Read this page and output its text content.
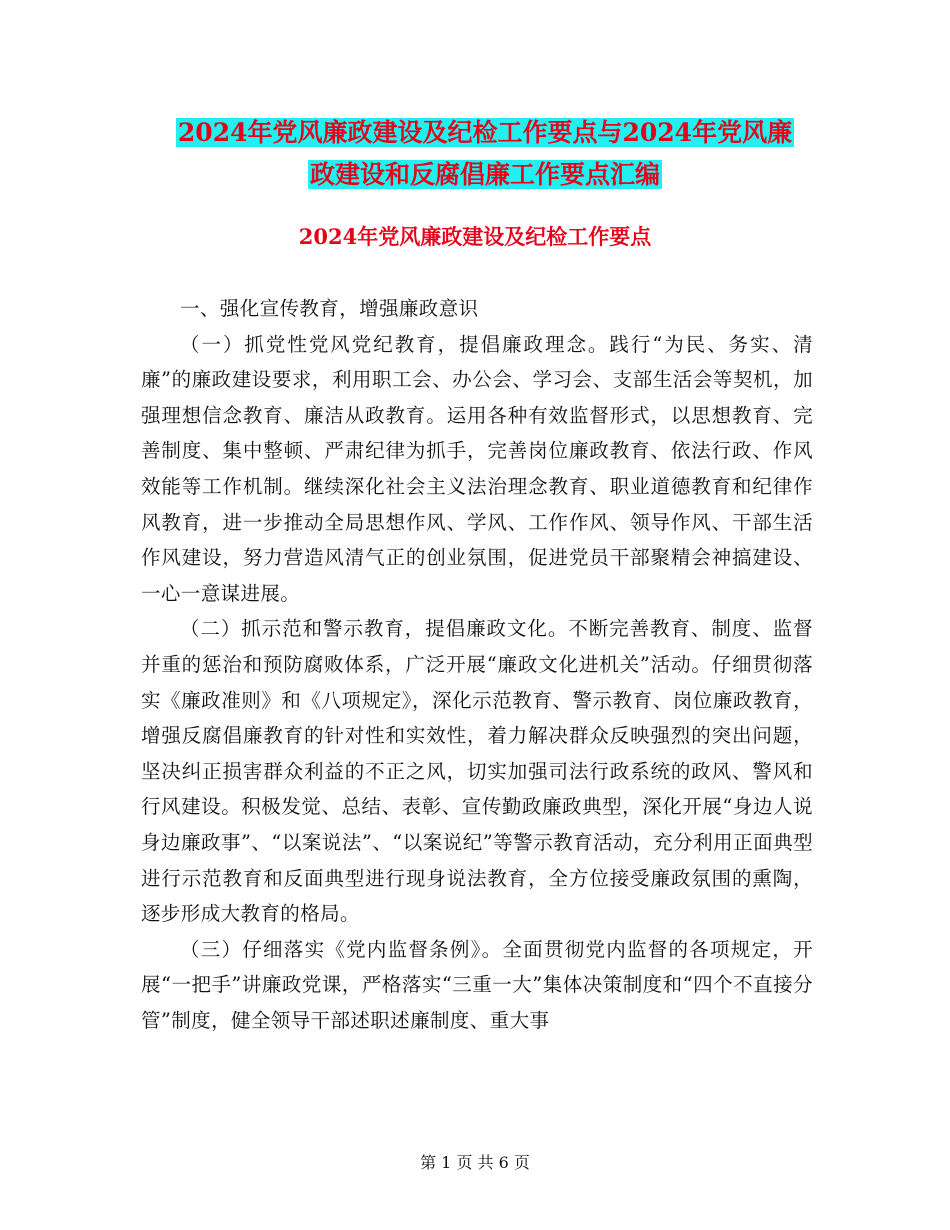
2024年党风廉政建设及纪检工作要点与2024年党风廉
政建设和反腐倡廉工作要点汇编
2024年党风廉政建设及纪检工作要点

一、强化宣传教育，增强廉政意识

（一）抓党性党风党纪教育，提倡廉政理念。践行“为民、务实、清廉”的廉政建设要求，利用职工会、办公会、学习会、支部生活会等契机，加强理想信念教育、廉洁从政教育。运用各种有效监督形式，以思想教育、完善制度、集中整顿、严肃纪律为抓手，完善岗位廉政教育、依法行政、作风效能等工作机制。继续深化社会主义法治理念教育、职业道德教育和纪律作风教育，进一步推动全局思想作风、学风、工作作风、领导作风、干部生活作风建设，努力营造风清气正的创业氛围，促进党员干部聚精会神搞建设、一心一意谋进展。

（二）抓示范和警示教育，提倡廉政文化。不断完善教育、制度、监督并重的惩治和预防腐败体系，广泛开展“廉政文化进机关”活动。仔细贯彻落实《廉政准则》和《八项规定》，深化示范教育、警示教育、岗位廉政教育，增强反腐倡廉教育的针对性和实效性，着力解决群众反映强烈的突出问题，坚决纠正损害群众利益的不正之风，切实加强司法行政系统的政风、警风和行风建设。积极发觉、总结、表彰、宣传勤政廉政典型，深化开展“身边人说身边廉政事”、“以案说法”、“以案说纪”等警示教育活动，充分利用正面典型进行示范教育和反面典型进行现身说法教育，全方位接受廉政氛围的熏陶，逐步形成大教育的格局。

（三）仔细落实《党内监督条例》。全面贯彻党内监督的各项规定，开展“一把手”讲廉政党课，严格落实“三重一大”集体决策制度和“四个不直接分管”制度，健全领导干部述职述廉制度、重大事

第 1 页 共 6 页
